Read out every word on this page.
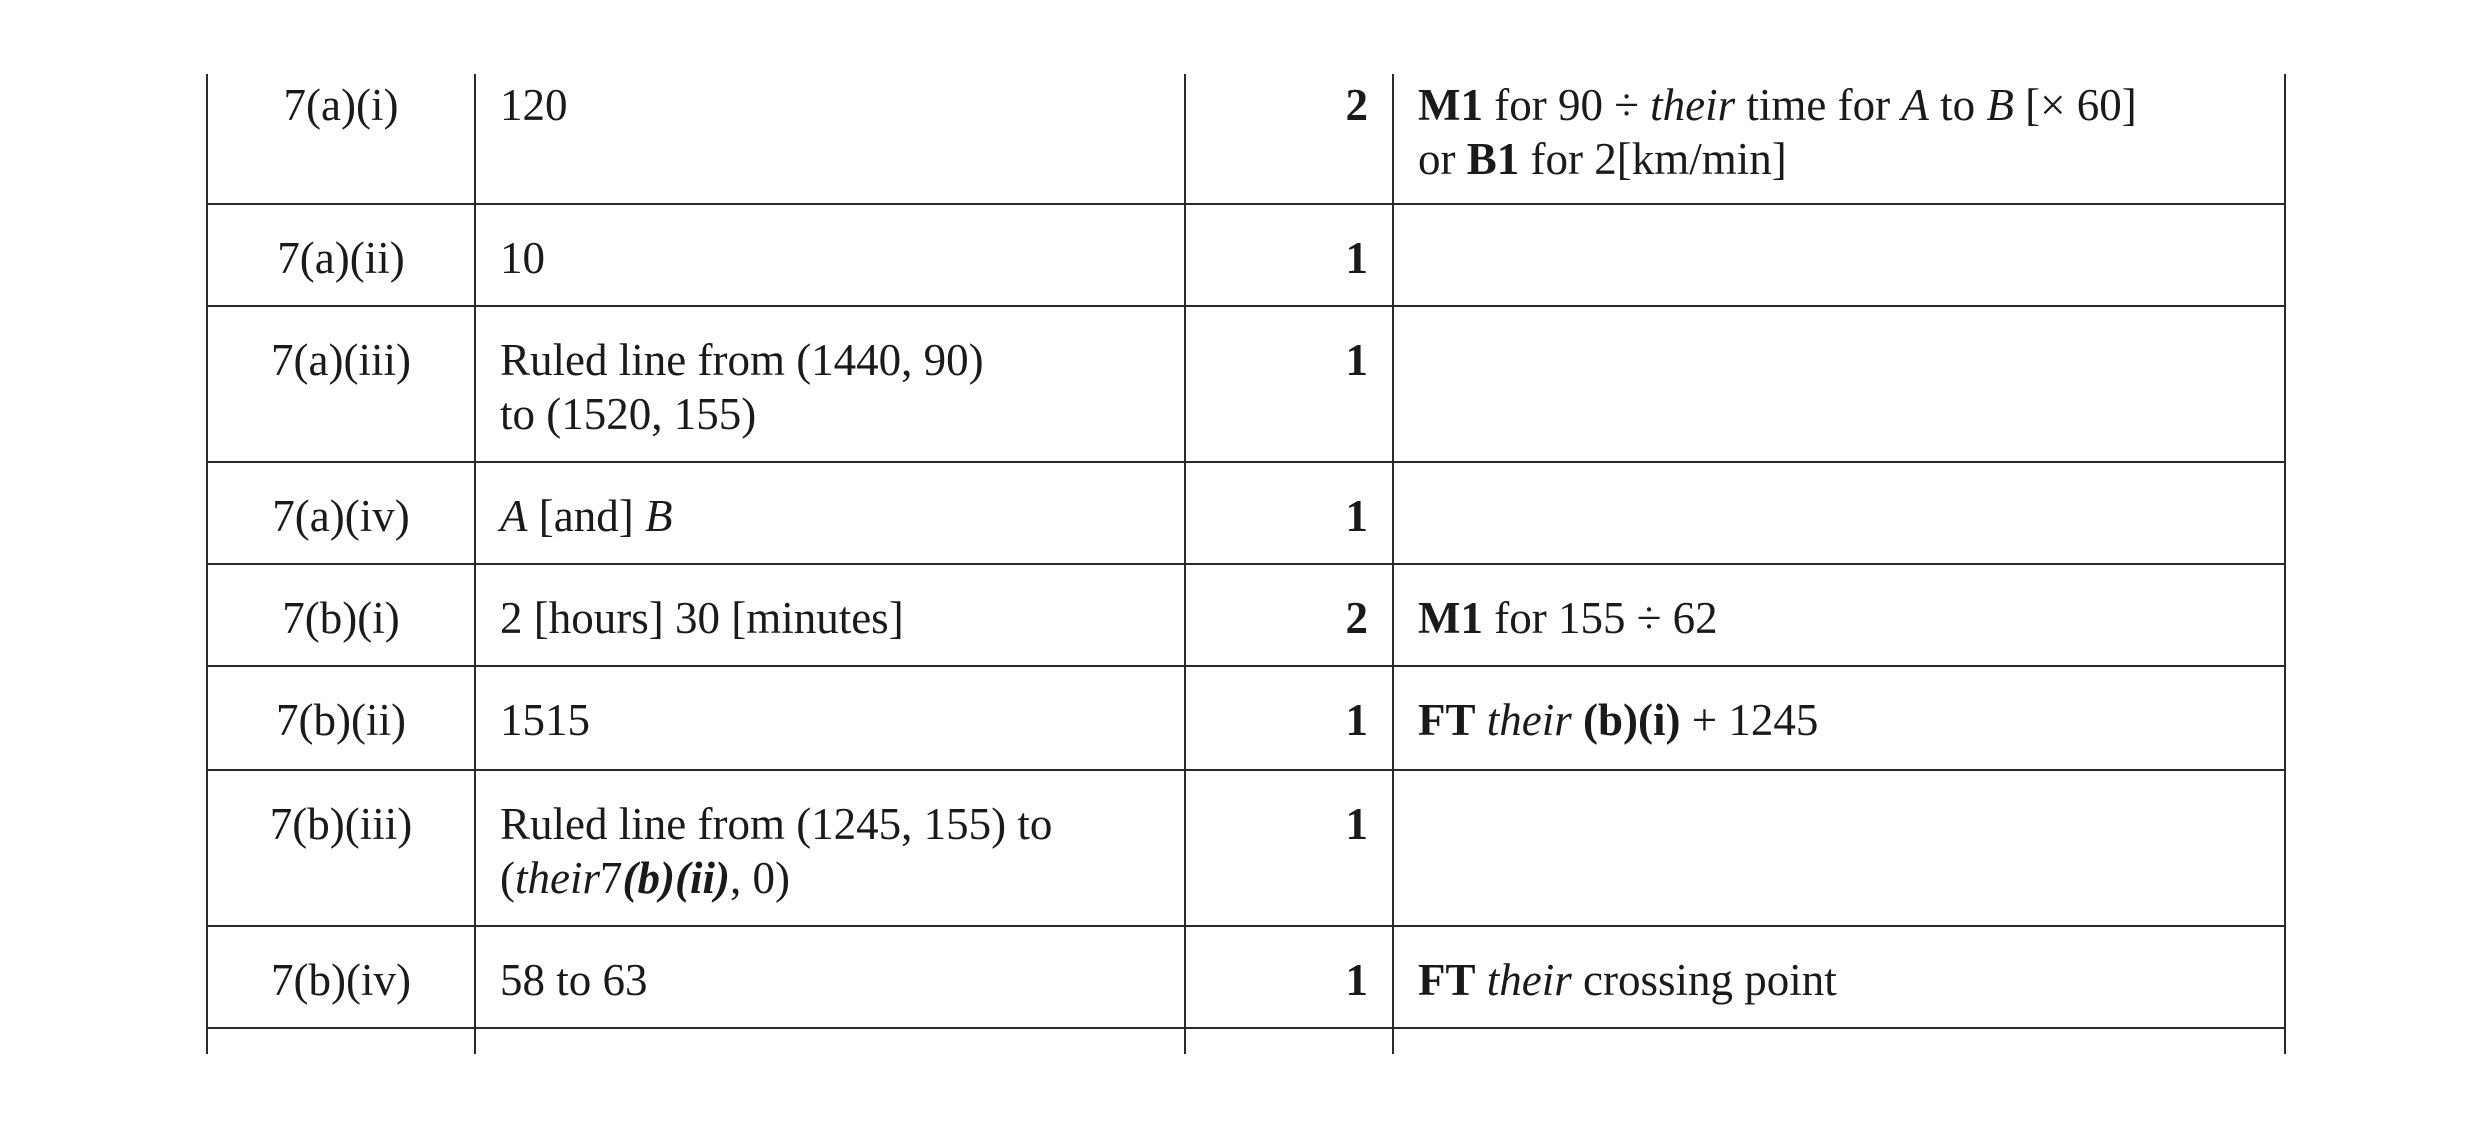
7(a)(i)	120	2	M1 for 90 ÷ their time for A to B [× 60]
or B1 for 2[km/min]

7(a)(ii)	10	1	
7(a)(iii)	Ruled line from (1440, 90)
to (1520, 155)	1	
7(a)(iv)	A [and] B	1	
7(b)(i)	2 [hours] 30 [minutes]	2	M1 for 155 ÷ 62
7(b)(ii)	1515	1	FT their (b)(i) + 1245
7(b)(iii)	Ruled line from (1245, 155) to
(their7(b)(ii), 0)	1	
7(b)(iv)	58 to 63	1	FT their crossing point
